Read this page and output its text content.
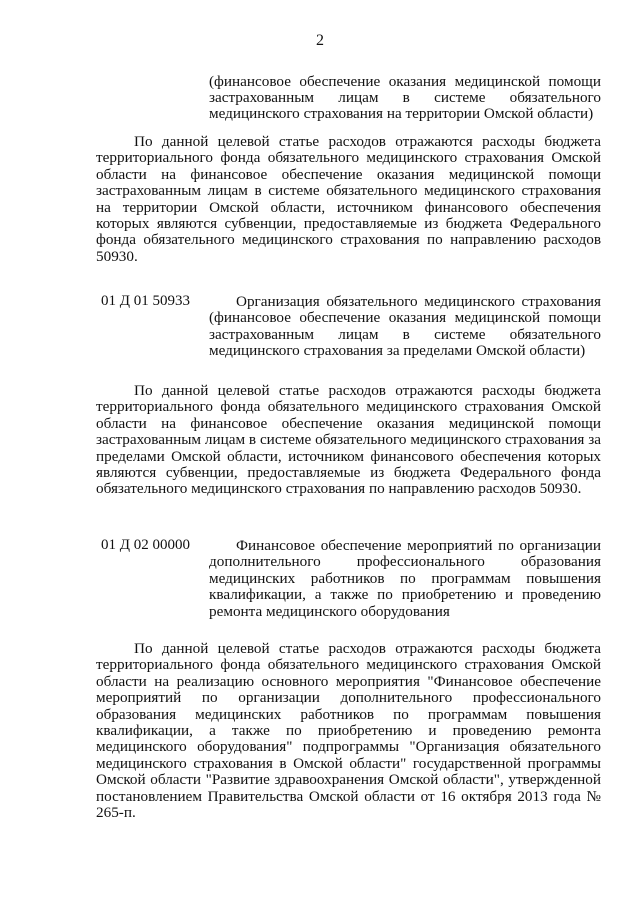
2
(финансовое обеспечение оказания медицинской помощи застрахованным лицам в системе обязательного медицинского страхования на территории Омской области)
По данной целевой статье расходов отражаются расходы бюджета территориального фонда обязательного медицинского страхования Омской области на финансовое обеспечение оказания медицинской помощи застрахованным лицам в системе обязательного медицинского страхования на территории Омской области, источником финансового обеспечения которых являются субвенции, предоставляемые из бюджета Федерального фонда обязательного медицинского страхования по направлению расходов 50930.
01 Д 01 50933	Организация обязательного медицинского страхования (финансовое обеспечение оказания медицинской помощи застрахованным лицам в системе обязательного медицинского страхования за пределами Омской области)
По данной целевой статье расходов отражаются расходы бюджета территориального фонда обязательного медицинского страхования Омской области на финансовое обеспечение оказания медицинской помощи застрахованным лицам в системе обязательного медицинского страхования за пределами Омской области, источником финансового обеспечения которых являются субвенции, предоставляемые из бюджета Федерального фонда обязательного медицинского страхования по направлению расходов 50930.
01 Д 02 00000	Финансовое обеспечение мероприятий по организации дополнительного профессионального образования медицинских работников по программам повышения квалификации, а также по приобретению и проведению ремонта медицинского оборудования
По данной целевой статье расходов отражаются расходы бюджета территориального фонда обязательного медицинского страхования Омской области на реализацию основного мероприятия "Финансовое обеспечение мероприятий по организации дополнительного профессионального образования медицинских работников по программам повышения квалификации, а также по приобретению и проведению ремонта медицинского оборудования" подпрограммы "Организация обязательного медицинского страхования в Омской области" государственной программы Омской области "Развитие здравоохранения Омской области", утвержденной постановлением Правительства Омской области от 16 октября 2013 года № 265-п.
